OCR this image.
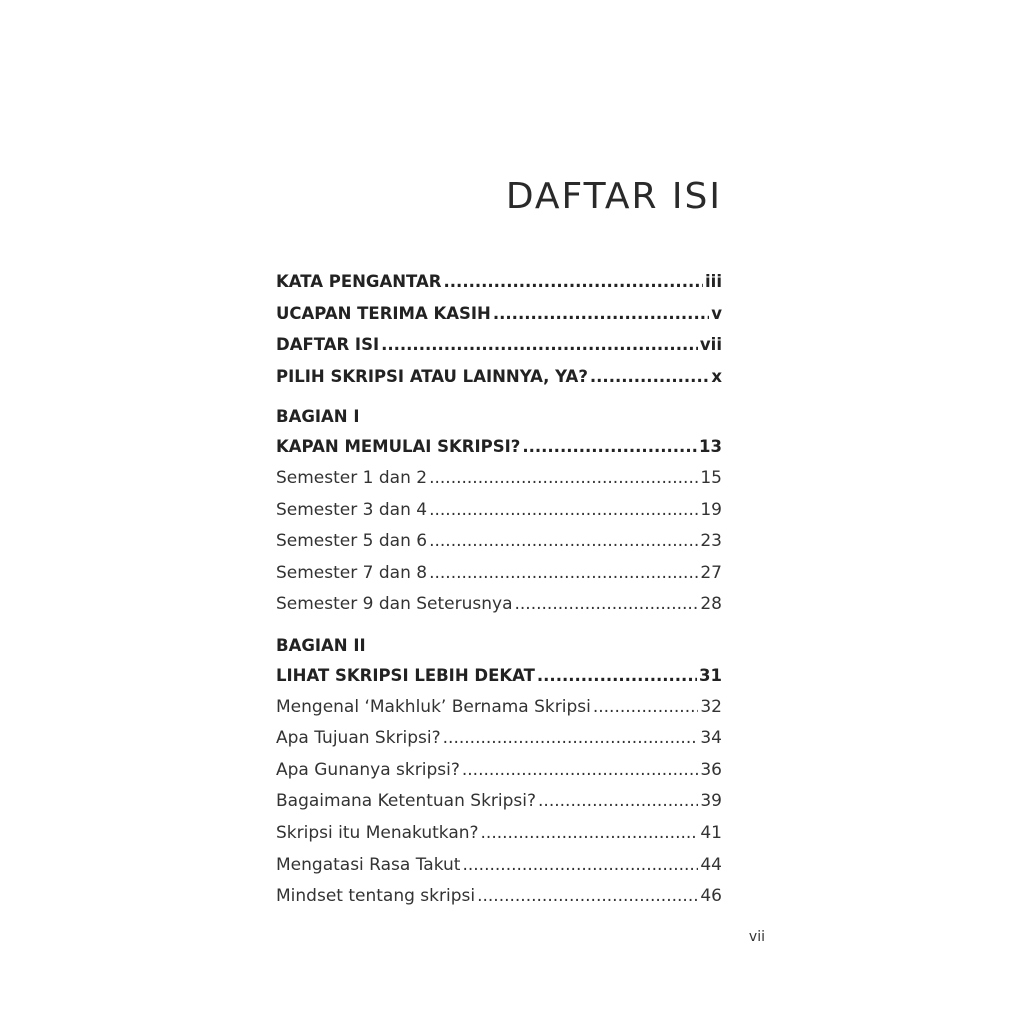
DAFTAR ISI
KATA PENGANTAR .....	iii
UCAPAN TERIMA KASIH .....	v
DAFTAR ISI .....	vii
PILIH SKRIPSI ATAU LAINNYA, YA? .....	x
BAGIAN I
KAPAN MEMULAI SKRIPSI? .....	13
Semester 1 dan 2 .....	15
Semester 3 dan 4 .....	19
Semester 5 dan 6 .....	23
Semester 7 dan 8 .....	27
Semester 9 dan Seterusnya .....	28
BAGIAN II
LIHAT SKRIPSI LEBIH DEKAT .....	31
Mengenal ‘Makhluk’ Bernama Skripsi .....	32
Apa Tujuan Skripsi? .....	34
Apa Gunanya skripsi? .....	36
Bagaimana Ketentuan Skripsi? .....	39
Skripsi itu Menakutkan? .....	41
Mengatasi Rasa Takut .....	44
Mindset tentang skripsi .....	46
vii
